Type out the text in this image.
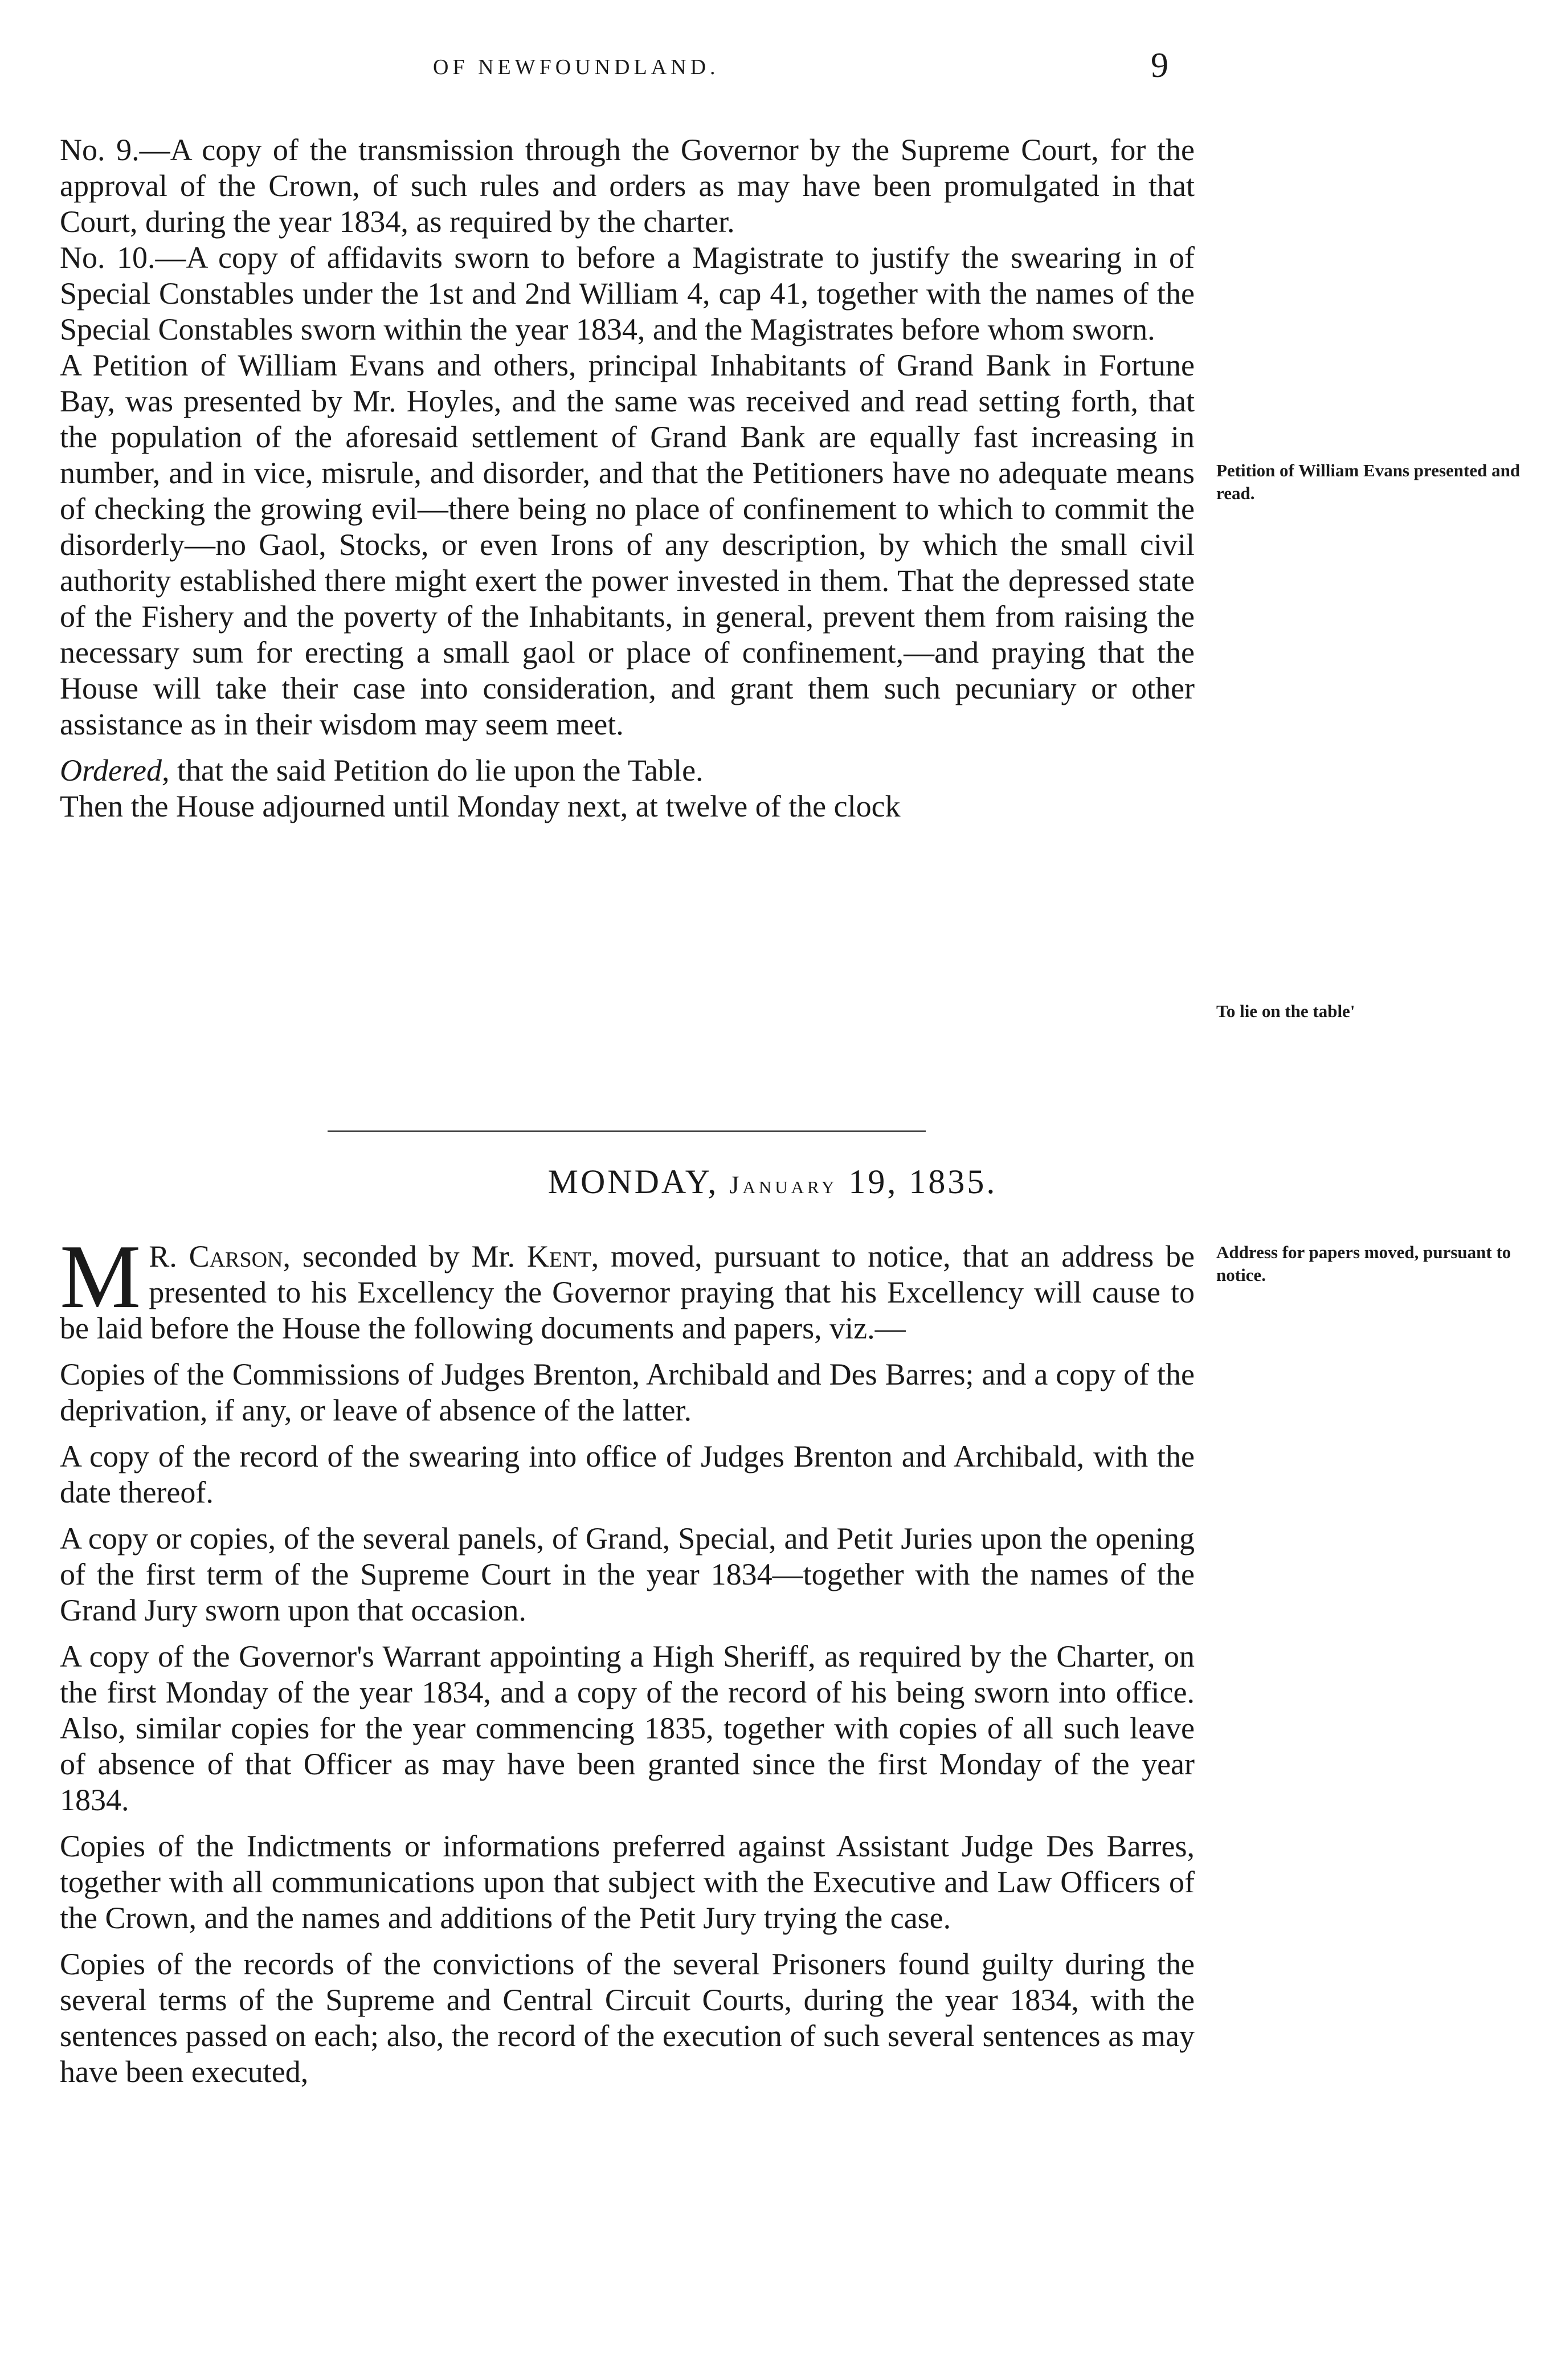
OF NEWFOUNDLAND.	9

No. 9.—A copy of the transmission through the Governor by the Supreme Court, for the approval of the Crown, of such rules and orders as may have been promulgated in that Court, during the year 1834, as required by the charter.

No. 10.—A copy of affidavits sworn to before a Magistrate to justify the swearing in of Special Constables under the 1st and 2nd William 4, cap 41, together with the names of the Special Constables sworn within the year 1834, and the Magistrates before whom sworn.

A Petition of William Evans and others, principal Inhabitants of Grand Bank in Fortune Bay, was presented by Mr. Hoyles, and the same was received and read setting forth, that the population of the aforesaid settlement of Grand Bank are equally fast increasing in number, and in vice, misrule, and disorder, and that the Petitioners have no adequate means of checking the growing evil—there being no place of confinement to which to commit the disorderly—no Gaol, Stocks, or even Irons of any description, by which the small civil authority established there might exert the power invested in them. That the depressed state of the Fishery and the poverty of the Inhabitants, in general, prevent them from raising the necessary sum for erecting a small gaol or place of confinement,—and praying that the House will take their case into consideration, and grant them such pecuniary or other assistance as in their wisdom may seem meet.

Ordered, that the said Petition do lie upon the Table.

Then the House adjourned until Monday next, at twelve of the clock

Petition of William Evans presented and read.
To lie on the table'
Address for papers moved, pursuant to notice.
MONDAY, January 19, 1835.

M R. Carson, seconded by Mr. Kent, moved, pursuant to notice, that an address be presented to his Excellency the Governor praying that his Excellency will cause to be laid before the House the following documents and papers, viz.—

Copies of the Commissions of Judges Brenton, Archibald and Des Barres; and a copy of the deprivation, if any, or leave of absence of the latter.

A copy of the record of the swearing into office of Judges Brenton and Archibald, with the date thereof.

A copy or copies, of the several panels, of Grand, Special, and Petit Juries upon the opening of the first term of the Supreme Court in the year 1834—together with the names of the Grand Jury sworn upon that occasion.

A copy of the Governor's Warrant appointing a High Sheriff, as required by the Charter, on the first Monday of the year 1834, and a copy of the record of his being sworn into office. Also, similar copies for the year commencing 1835, together with copies of all such leave of absence of that Officer as may have been granted since the first Monday of the year 1834.

Copies of the Indictments or informations preferred against Assistant Judge Des Barres, together with all communications upon that subject with the Executive and Law Officers of the Crown, and the names and additions of the Petit Jury trying the case.

Copies of the records of the convictions of the several Prisoners found guilty during the several terms of the Supreme and Central Circuit Courts, during the year 1834, with the sentences passed on each; also, the record of the execution of such several sentences as may have been executed,
